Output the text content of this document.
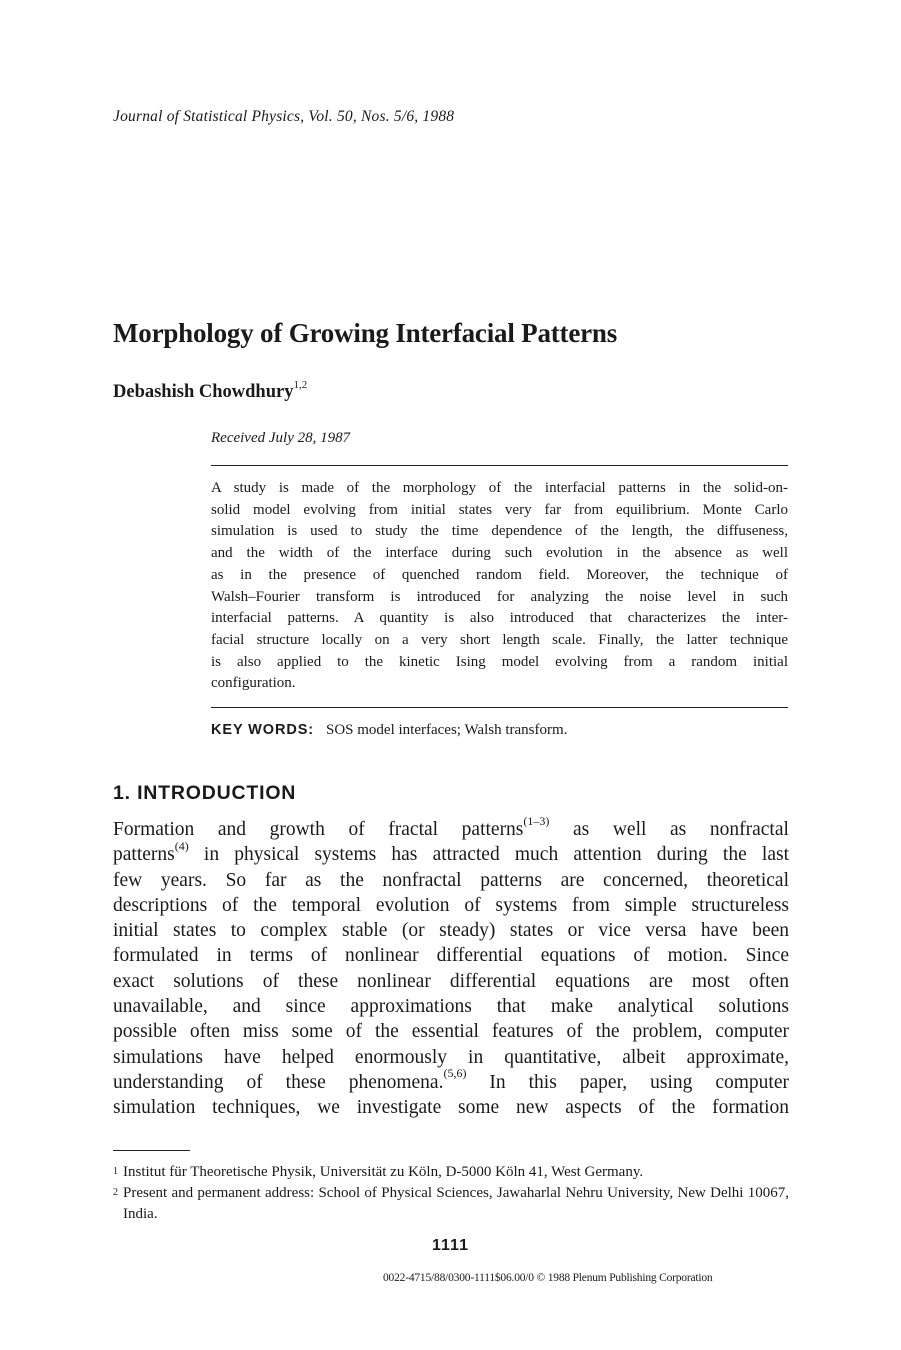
Journal of Statistical Physics, Vol. 50, Nos. 5/6, 1988
Morphology of Growing Interfacial Patterns
Debashish Chowdhury$^{1,2}$
Received July 28, 1987
A study is made of the morphology of the interfacial patterns in the solid-on-
solid model evolving from initial states very far from equilibrium. Monte Carlo
simulation is used to study the time dependence of the length, the diffuseness,
and the width of the interface during such evolution in the absence as well
as in the presence of quenched random field. Moreover, the technique of
Walsh–Fourier transform is introduced for analyzing the noise level in such
interfacial patterns. A quantity is also introduced that characterizes the inter-
facial structure locally on a very short length scale. Finally, the latter technique
is also applied to the kinetic Ising model evolving from a random initial
configuration.
KEY WORDS: SOS model interfaces; Walsh transform.
1. INTRODUCTION
Formation and growth of fractal patterns$^{(1-3)}$ as well as nonfractal
patterns$^{(4)}$ in physical systems has attracted much attention during the last
few years. So far as the nonfractal patterns are concerned, theoretical
descriptions of the temporal evolution of systems from simple structureless
initial states to complex stable (or steady) states or vice versa have been
formulated in terms of nonlinear differential equations of motion. Since
exact solutions of these nonlinear differential equations are most often
unavailable, and since approximations that make analytical solutions
possible often miss some of the essential features of the problem, computer
simulations have helped enormously in quantitative, albeit approximate,
understanding of these phenomena.$^{(5,6)}$ In this paper, using computer
simulation techniques, we investigate some new aspects of the formation
1 Institut für Theoretische Physik, Universität zu Köln, D-5000 Köln 41, West Germany.
2 Present and permanent address: School of Physical Sciences, Jawaharlal Nehru University, New Delhi 10067, India.
1111
0022-4715/88/0300-1111$06.00/0 © 1988 Plenum Publishing Corporation
